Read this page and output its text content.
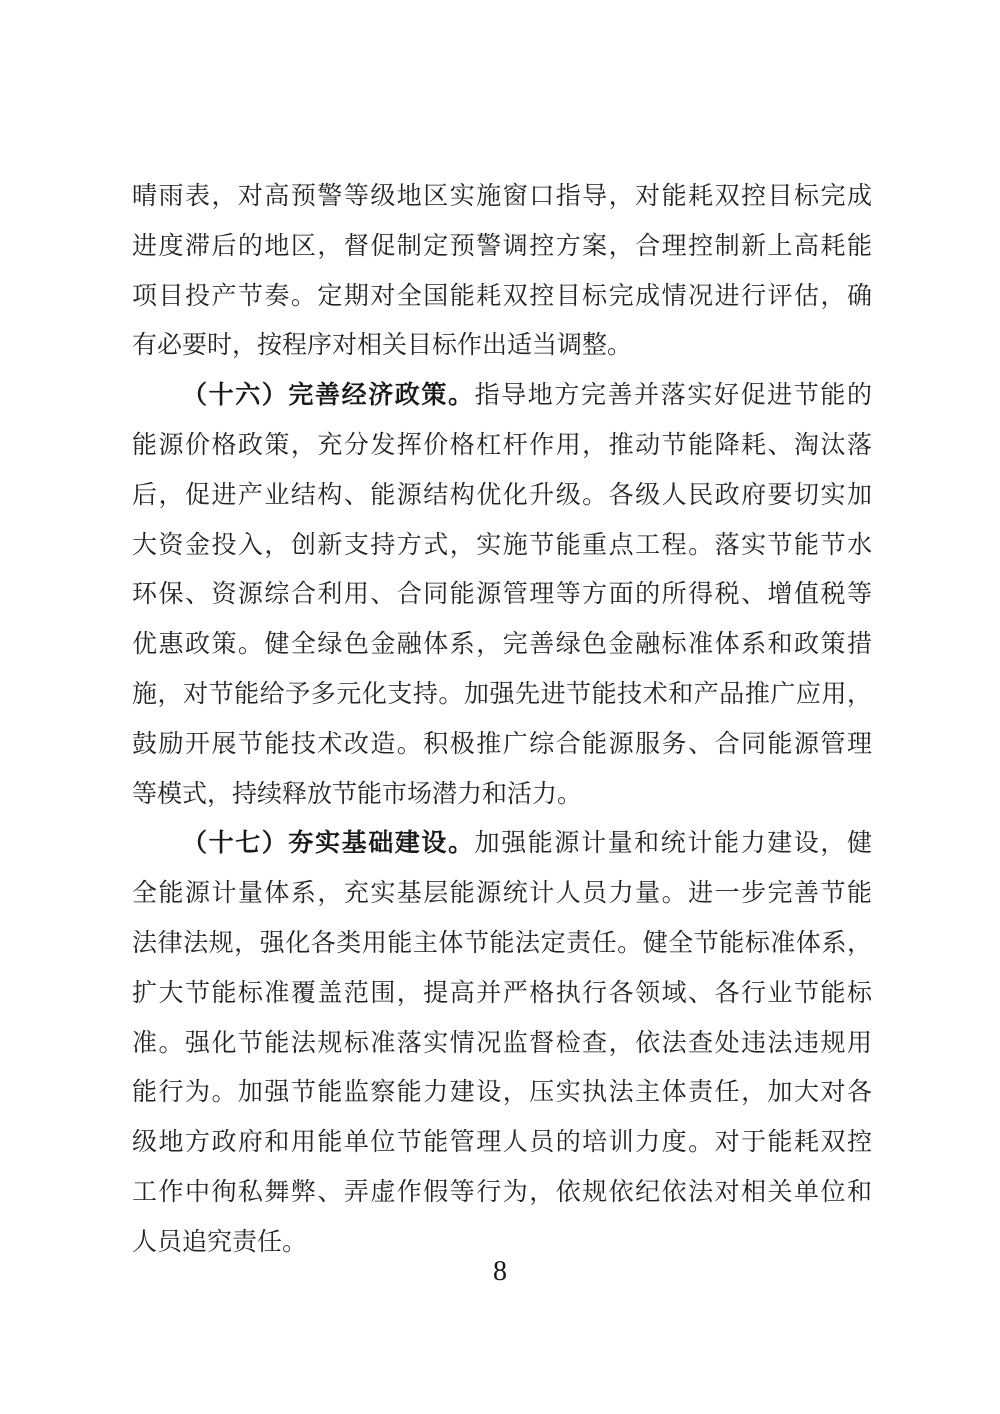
晴雨表，对高预警等级地区实施窗口指导，对能耗双控目标完成
进度滞后的地区，督促制定预警调控方案，合理控制新上高耗能
项目投产节奏。定期对全国能耗双控目标完成情况进行评估，确
有必要时，按程序对相关目标作出适当调整。
（十六）完善经济政策。指导地方完善并落实好促进节能的
能源价格政策，充分发挥价格杠杆作用，推动节能降耗、淘汰落
后，促进产业结构、能源结构优化升级。各级人民政府要切实加
大资金投入，创新支持方式，实施节能重点工程。落实节能节水
环保、资源综合利用、合同能源管理等方面的所得税、增值税等
优惠政策。健全绿色金融体系，完善绿色金融标准体系和政策措
施，对节能给予多元化支持。加强先进节能技术和产品推广应用，
鼓励开展节能技术改造。积极推广综合能源服务、合同能源管理
等模式，持续释放节能市场潜力和活力。
（十七）夯实基础建设。加强能源计量和统计能力建设，健
全能源计量体系，充实基层能源统计人员力量。进一步完善节能
法律法规，强化各类用能主体节能法定责任。健全节能标准体系，
扩大节能标准覆盖范围，提高并严格执行各领域、各行业节能标
准。强化节能法规标准落实情况监督检查，依法查处违法违规用
能行为。加强节能监察能力建设，压实执法主体责任，加大对各
级地方政府和用能单位节能管理人员的培训力度。对于能耗双控
工作中徇私舞弊、弄虚作假等行为，依规依纪依法对相关单位和
人员追究责任。
8
